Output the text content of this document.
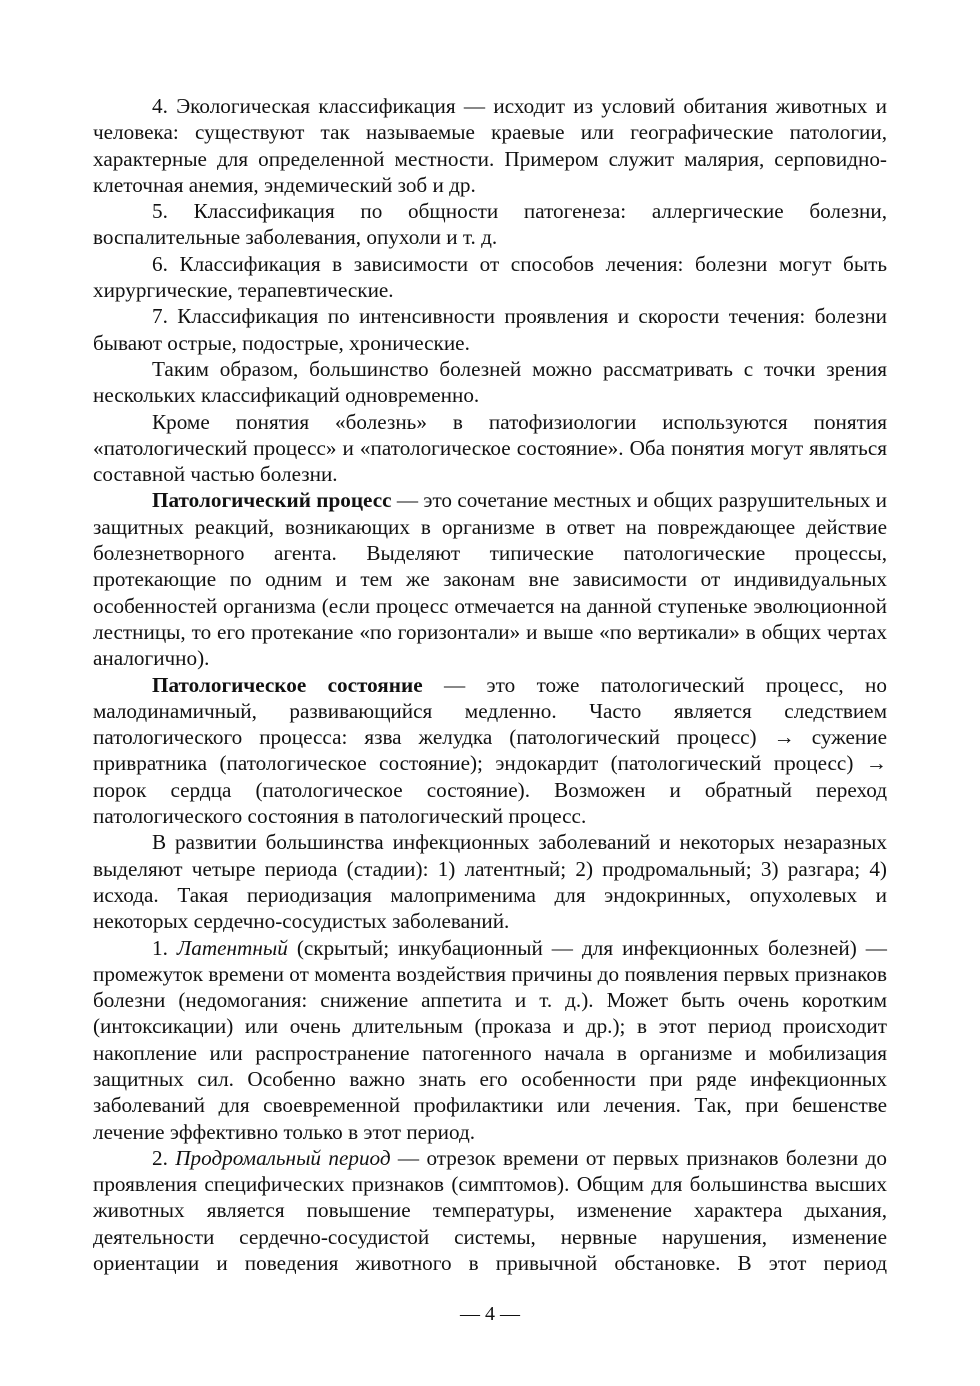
4. Экологическая классификация — исходит из условий обитания животных и человека: существуют так называемые краевые или географические патологии, характерные для определенной местности. Примером служит малярия, серповидно-клеточная анемия, эндемический зоб и др.

5. Классификация по общности патогенеза: аллергические болезни, воспалительные заболевания, опухоли и т. д.

6. Классификация в зависимости от способов лечения: болезни могут быть хирургические, терапевтические.

7. Классификация по интенсивности проявления и скорости течения: болезни бывают острые, подострые, хронические.

Таким образом, большинство болезней можно рассматривать с точки зрения нескольких классификаций одновременно.

Кроме понятия «болезнь» в патофизиологии используются понятия «патологический процесс» и «патологическое состояние». Оба понятия могут являться составной частью болезни.

Патологический процесс — это сочетание местных и общих разрушительных и защитных реакций, возникающих в организме в ответ на повреждающее действие болезнетворного агента. Выделяют типические патологические процессы, протекающие по одним и тем же законам вне зависимости от индивидуальных особенностей организма (если процесс отмечается на данной ступеньке эволюционной лестницы, то его протекание «по горизонтали» и выше «по вертикали» в общих чертах аналогично).

Патологическое состояние — это тоже патологический процесс, но малодинамичный, развивающийся медленно. Часто является следствием патологического процесса: язва желудка (патологический процесс) → сужение привратника (патологическое состояние); эндокардит (патологический процесс) → порок сердца (патологическое состояние). Возможен и обратный переход патологического состояния в патологический процесс.

В развитии большинства инфекционных заболеваний и некоторых незаразных выделяют четыре периода (стадии): 1) латентный; 2) продромальный; 3) разгара; 4) исхода. Такая периодизация малоприменима для эндокринных, опухолевых и некоторых сердечно-сосудистых заболеваний.

1. Латентный (скрытый; инкубационный — для инфекционных болезней) — промежуток времени от момента воздействия причины до появления первых признаков болезни (недомогания: снижение аппетита и т. д.). Может быть очень коротким (интоксикации) или очень длительным (проказа и др.); в этот период происходит накопление или распространение патогенного начала в организме и мобилизация защитных сил. Особенно важно знать его особенности при ряде инфекционных заболеваний для своевременной профилактики или лечения. Так, при бешенстве лечение эффективно только в этот период.

2. Продромальный период — отрезок времени от первых признаков болезни до проявления специфических признаков (симптомов). Общим для большинства высших животных является повышение температуры, изменение характера дыхания, деятельности сердечно-сосудистой системы, нервные нарушения, изменение ориентации и поведения животного в привычной обстановке. В этот период

— 4 —
